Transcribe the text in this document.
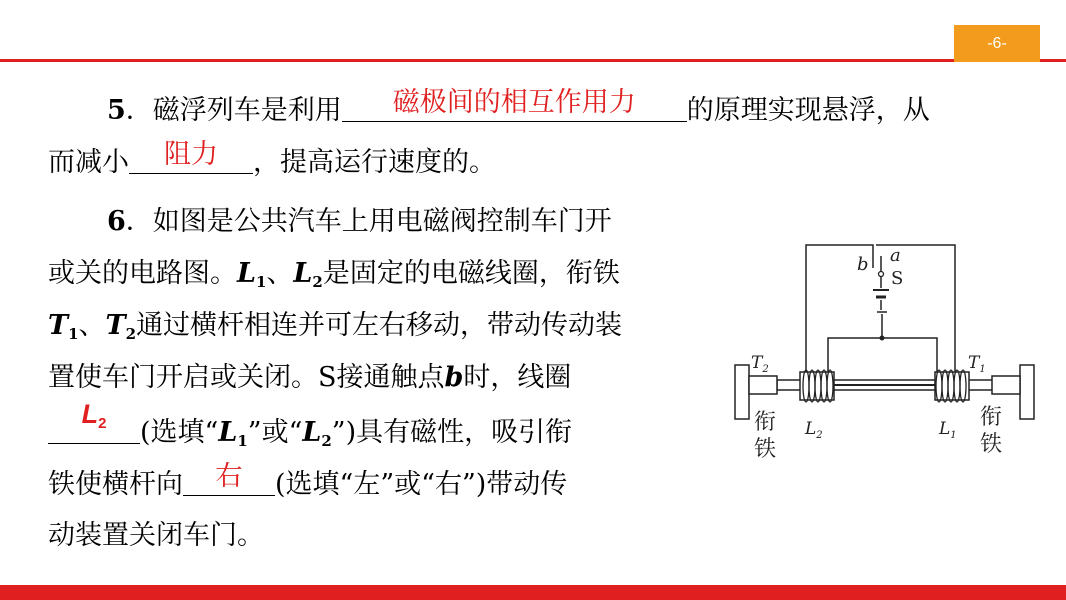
-6-
5．磁浮列车是利用	磁极间的相互作用力	的原理实现悬浮，从
而减小	阻力	，提高运行速度的。
6．如图是公共汽车上用电磁阀控制车门开
或关的电路图。$L_1$、$L_2$是固定的电磁线圈，衔铁
$T_1$、$T_2$通过横杆相连并可左右移动，带动传动装
置使车门开启或关闭。S接通触点b时，线圈
$L_2$	(选填“$L_1$”或“$L_2$”)具有磁性，吸引衔
铁使横杆向	右	(选填“左”或“右”)带动传
动装置关闭车门。
b a
S
$T_2$	$T_1$
$L_2$	$L_1$
衔
铁
衔
铁
